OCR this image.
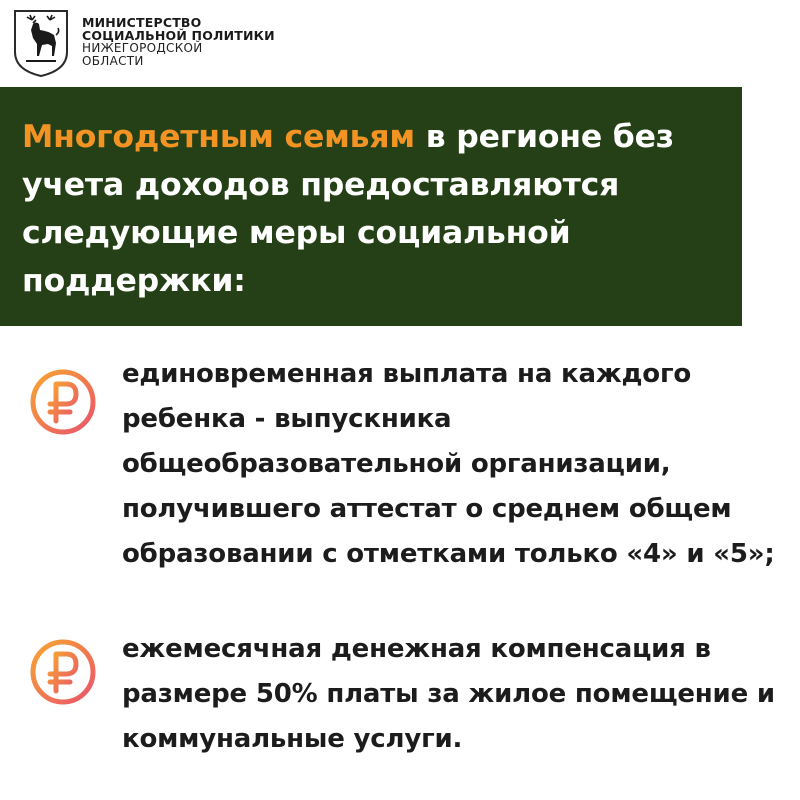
МИНИСТЕРСТВО
СОЦИАЛЬНОЙ ПОЛИТИКИ
НИЖЕГОРОДСКОЙ
ОБЛАСТИ

Многодетным семьям в регионе без учета доходов предоставляются следующие меры социальной поддержки:

единовременная выплата на каждого ребенка - выпускника общеобразовательной организации, получившего аттестат о среднем общем образовании с отметками только «4» и «5»;

ежемесячная денежная компенсация в размере 50% платы за жилое помещение и коммунальные услуги.
